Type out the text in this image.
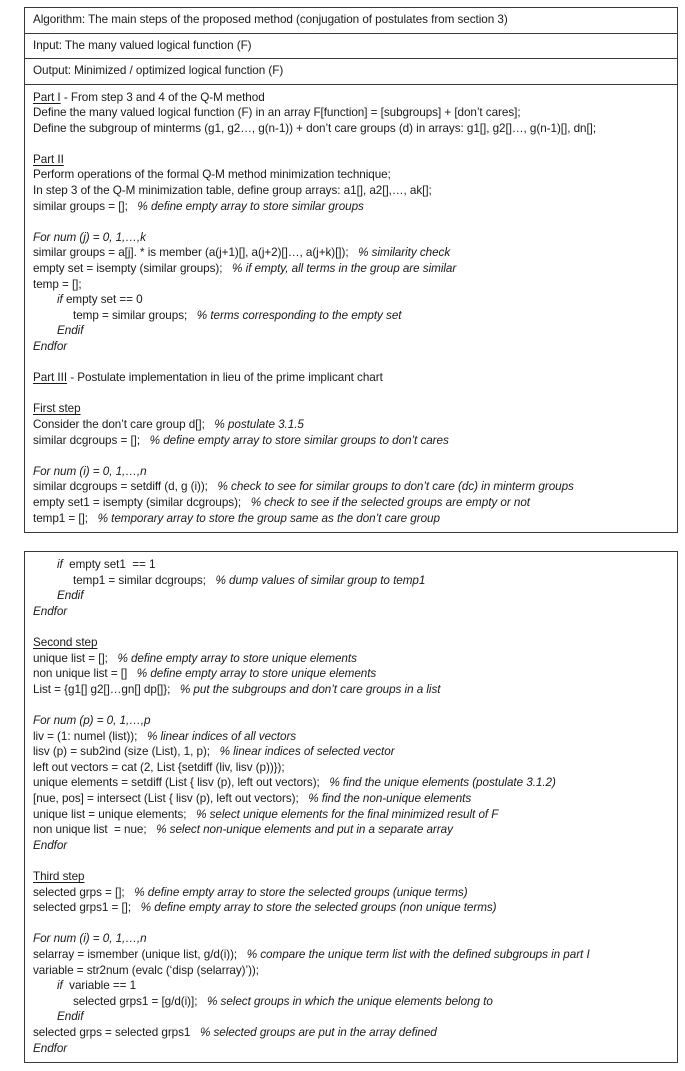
Algorithm: The main steps of the proposed method (conjugation of postulates from section 3)
Input: The many valued logical function (F)
Output: Minimized / optimized logical function (F)
Part I - From step 3 and 4 of the Q-M method
Define the many valued logical function (F) in an array F[function] = [subgroups] + [don’t cares];
Define the subgroup of minterms (g1, g2…, g(n-1)) + don’t care groups (d) in arrays: g1[], g2[]…, g(n-1)[], dn[];
Part II
Perform operations of the formal Q-M method minimization technique;
In step 3 of the Q-M minimization table, define group arrays: a1[], a2[],…, ak[];
similar groups = []; % define empty array to store similar groups
For num (j) = 0, 1,…,k
similar groups = a[j]. * is member (a(j+1)[], a(j+2)[]…, a(j+k)[]); % similarity check
empty set = isempty (similar groups); % if empty, all terms in the group are similar
temp = [];
if empty set == 0
temp = similar groups; % terms corresponding to the empty set
Endif
Endfor
Part III - Postulate implementation in lieu of the prime implicant chart
First step
Consider the don’t care group d[]; % postulate 3.1.5
similar dcgroups = []; % define empty array to store similar groups to don’t cares
For num (i) = 0, 1,…,n
similar dcgroups = setdiff (d, g (i)); % check to see for similar groups to don’t care (dc) in minterm groups
empty set1 = isempty (similar dcgroups); % check to see if the selected groups are empty or not
temp1 = []; % temporary array to store the group same as the don’t care group
if  empty set1  == 1
temp1 = similar dcgroups; % dump values of similar group to temp1
Endif
Endfor
Second step
unique list = []; % define empty array to store unique elements
non unique list = [] % define empty array to store unique elements
List = {g1[] g2[]…gn[] dp[]}; % put the subgroups and don’t care groups in a list
For num (p) = 0, 1,…,p
liv = (1: numel (list)); % linear indices of all vectors
lisv (p) = sub2ind (size (List), 1, p); % linear indices of selected vector
left out vectors = cat (2, List {setdiff (liv, lisv (p))});
unique elements = setdiff (List { lisv (p), left out vectors); % find the unique elements (postulate 3.1.2)
[nue, pos] = intersect (List { lisv (p), left out vectors); % find the non-unique elements
unique list = unique elements; % select unique elements for the final minimized result of F
non unique list  = nue; % select non-unique elements and put in a separate array
Endfor
Third step
selected grps = []; % define empty array to store the selected groups (unique terms)
selected grps1 = []; % define empty array to store the selected groups (non unique terms)
For num (i) = 0, 1,…,n
selarray = ismember (unique list, g/d(i)); % compare the unique term list with the defined subgroups in part I
variable = str2num (evalc (‘disp (selarray)’));
if  variable == 1
selected grps1 = [g/d(i)]; % select groups in which the unique elements belong to
Endif
selected grps = selected grps1 % selected groups are put in the array defined
Endfor
